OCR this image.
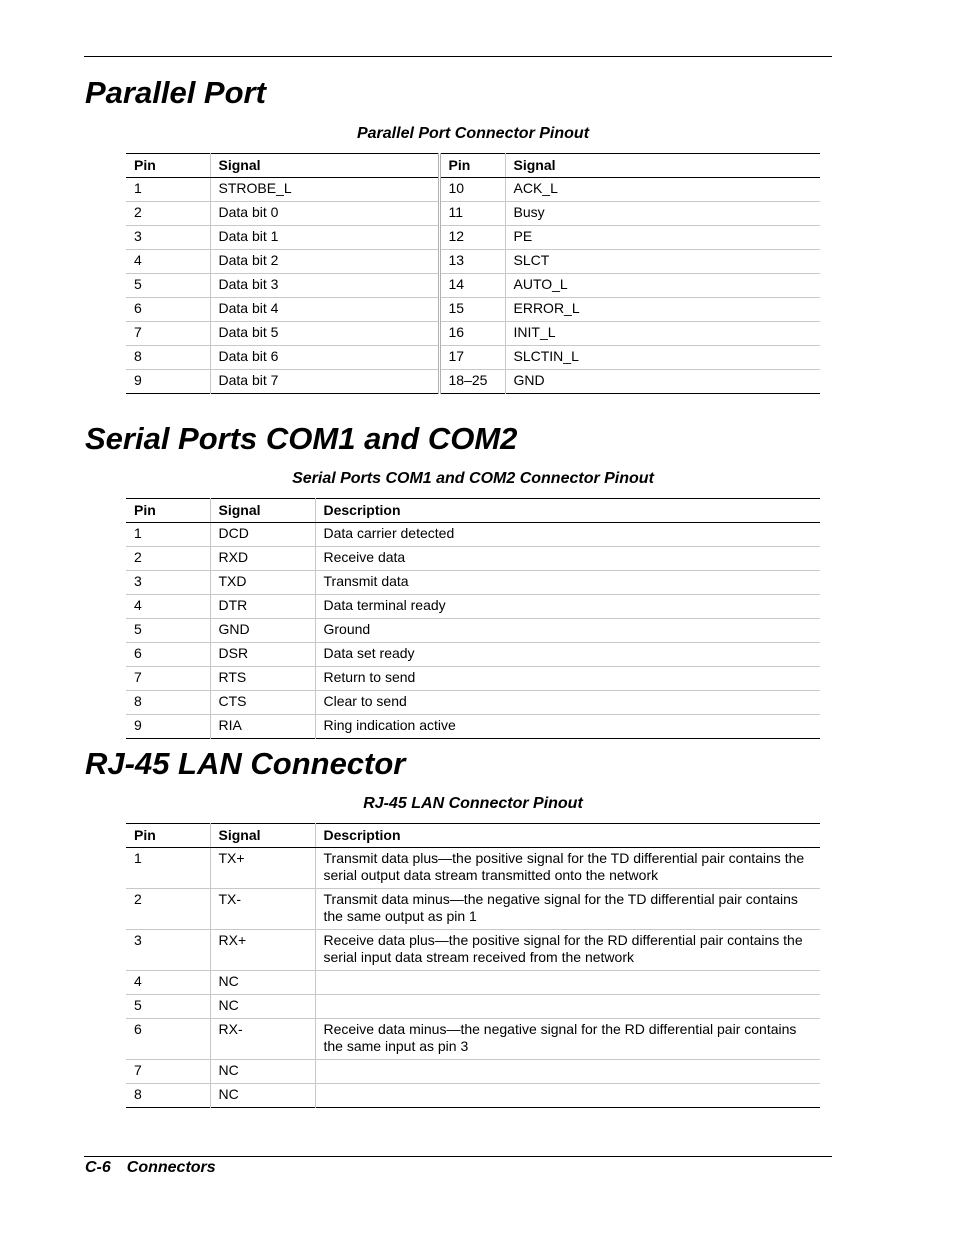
Parallel Port
Parallel Port Connector Pinout
Pin	Signal	Pin	Signal
1	STROBE_L	10	ACK_L
2	Data bit 0	11	Busy
3	Data bit 1	12	PE
4	Data bit 2	13	SLCT
5	Data bit 3	14	AUTO_L
6	Data bit 4	15	ERROR_L
7	Data bit 5	16	INIT_L
8	Data bit 6	17	SLCTIN_L
9	Data bit 7	18–25	GND
Serial Ports COM1 and COM2
Serial Ports COM1 and COM2 Connector Pinout
Pin	Signal	Description
1	DCD	Data carrier detected
2	RXD	Receive data
3	TXD	Transmit data
4	DTR	Data terminal ready
5	GND	Ground
6	DSR	Data set ready
7	RTS	Return to send
8	CTS	Clear to send
9	RIA	Ring indication active
RJ-45 LAN Connector
RJ-45 LAN Connector Pinout
Pin	Signal	Description
1	TX+	Transmit data plus—the positive signal for the TD differential pair contains the serial output data stream transmitted onto the network
2	TX-	Transmit data minus—the negative signal for the TD differential pair contains the same output as pin 1
3	RX+	Receive data plus—the positive signal for the RD differential pair contains the serial input data stream received from the network
4	NC	
5	NC	
6	RX-	Receive data minus—the negative signal for the RD differential pair contains the same input as pin 3
7	NC	
8	NC	
C-6 Connectors
